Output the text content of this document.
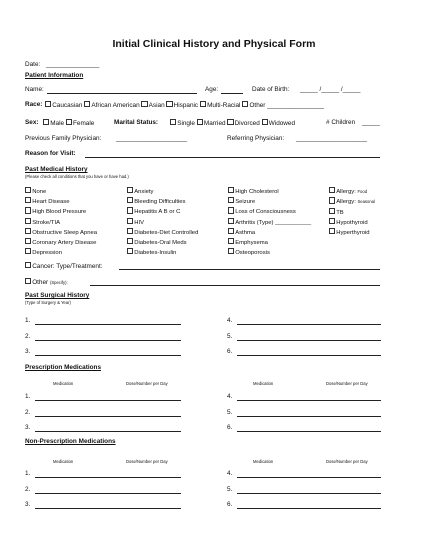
Initial Clinical History and Physical Form
Date: _______________
Patient Information
Name:	Age:	Date of Birth: _____ /_____ /_____
Race:	Caucasian African American Asian Hispanic Multi-Racial Other ________________
Sex:	Male Female	Marital Status:	Single Married Divorced Widowed	# Children _____
Previous Family Physician: ____________________	Referring Physician: ____________________
Reason for Visit:
Past Medical History
(Please check all conditions that you have or have had.)
None
Heart Disease
High Blood Pressure
Stroke/TIA
Obstructive Sleep Apnea
Coronary Artery Disease
Depression
Anxiety
Bleeding Difficulties
Hepatitis A B or C
HIV
Diabetes-Diet Controlled
Diabetes-Oral Meds
Diabetes-Insulin
High Cholesterol
Seizure
Loss of Consciousness
Arthritis (Type) ___________
Asthma
Emphysema
Osteoporosis
Allergy: Food
Allergy: Seasonal
TB
Hypothyroid
Hyperthyroid
Cancer: Type/Treatment:
Other (Specify):
Past Surgical History
(Type of Surgery & Year)
1.
2.
3.
4.
5.
6.
Prescription Medications
Medication	Dose/Number per Day	Medication	Dose/Number per Day
1.
2.
3.
4.
5.
6.
Non-Prescription Medications
Medication	Dose/Number per Day	Medication	Dose/Number per Day
1.
2.
3.
4.
5.
6.
